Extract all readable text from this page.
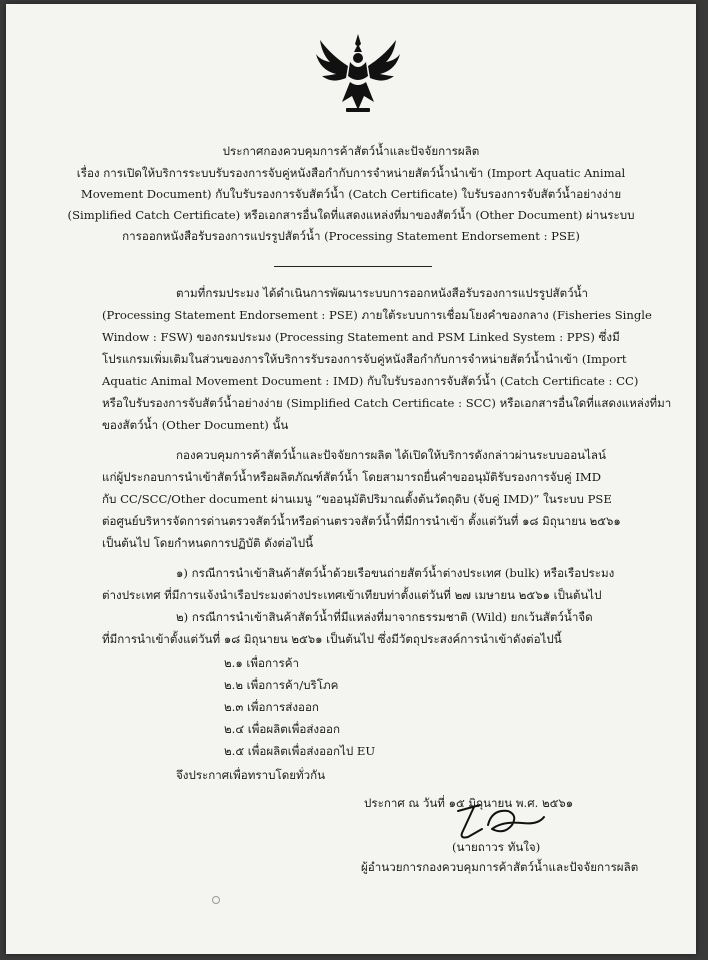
ประกาศกองควบคุมการค้าสัตว์น้ำและปัจจัยการผลิต
เรื่อง การเปิดให้บริการระบบรับรองการจับคู่หนังสือกำกับการจำหน่ายสัตว์น้ำนำเข้า (Import Aquatic Animal
Movement Document) กับใบรับรองการจับสัตว์น้ำ (Catch Certificate) ใบรับรองการจับสัตว์น้ำอย่างง่าย
(Simplified Catch Certificate) หรือเอกสารอื่นใดที่แสดงแหล่งที่มาของสัตว์น้ำ (Other Document) ผ่านระบบ
การออกหนังสือรับรองการแปรรูปสัตว์น้ำ (Processing Statement Endorsement : PSE)
ตามที่กรมประมง ได้ดำเนินการพัฒนาระบบการออกหนังสือรับรองการแปรรูปสัตว์น้ำ
(Processing Statement Endorsement : PSE) ภายใต้ระบบการเชื่อมโยงคำของกลาง (Fisheries Single
Window : FSW) ของกรมประมง (Processing Statement and PSM Linked System : PPS) ซึ่งมี
โปรแกรมเพิ่มเติมในส่วนของการให้บริการรับรองการจับคู่หนังสือกำกับการจำหน่ายสัตว์น้ำนำเข้า (Import
Aquatic Animal Movement Document : IMD) กับใบรับรองการจับสัตว์น้ำ (Catch Certificate : CC)
หรือใบรับรองการจับสัตว์น้ำอย่างง่าย (Simplified Catch Certificate : SCC) หรือเอกสารอื่นใดที่แสดงแหล่งที่มา
ของสัตว์น้ำ (Other Document) นั้น
กองควบคุมการค้าสัตว์น้ำและปัจจัยการผลิต ได้เปิดให้บริการดังกล่าวผ่านระบบออนไลน์
แก่ผู้ประกอบการนำเข้าสัตว์น้ำหรือผลิตภัณฑ์สัตว์น้ำ โดยสามารถยื่นคำขออนุมัติรับรองการจับคู่ IMD
กับ CC/SCC/Other document ผ่านเมนู “ขออนุมัติปริมาณตั้งต้นวัตถุดิบ (จับคู่ IMD)” ในระบบ PSE
ต่อศูนย์บริหารจัดการด่านตรวจสัตว์น้ำหรือด่านตรวจสัตว์น้ำที่มีการนำเข้า ตั้งแต่วันที่ ๑๘ มิถุนายน ๒๕๖๑
เป็นต้นไป โดยกำหนดการปฏิบัติ ดังต่อไปนี้
๑) กรณีการนำเข้าสินค้าสัตว์น้ำด้วยเรือขนถ่ายสัตว์น้ำต่างประเทศ (bulk) หรือเรือประมง
ต่างประเทศ ที่มีการแจ้งนำเรือประมงต่างประเทศเข้าเทียบท่าตั้งแต่วันที่ ๒๗ เมษายน ๒๕๖๑ เป็นต้นไป
๒) กรณีการนำเข้าสินค้าสัตว์น้ำที่มีแหล่งที่มาจากธรรมชาติ (Wild) ยกเว้นสัตว์น้ำจืด
ที่มีการนำเข้าตั้งแต่วันที่ ๑๘ มิถุนายน ๒๕๖๑ เป็นต้นไป ซึ่งมีวัตถุประสงค์การนำเข้าดังต่อไปนี้
๒.๑ เพื่อการค้า
๒.๒ เพื่อการค้า/บริโภค
๒.๓ เพื่อการส่งออก
๒.๔ เพื่อผลิตเพื่อส่งออก
๒.๕ เพื่อผลิตเพื่อส่งออกไป EU
จึงประกาศเพื่อทราบโดยทั่วกัน
ประกาศ ณ วันที่ ๑๕ มิถุนายน พ.ศ. ๒๕๖๑
(นายถาวร ทันใจ)
ผู้อำนวยการกองควบคุมการค้าสัตว์น้ำและปัจจัยการผลิต
